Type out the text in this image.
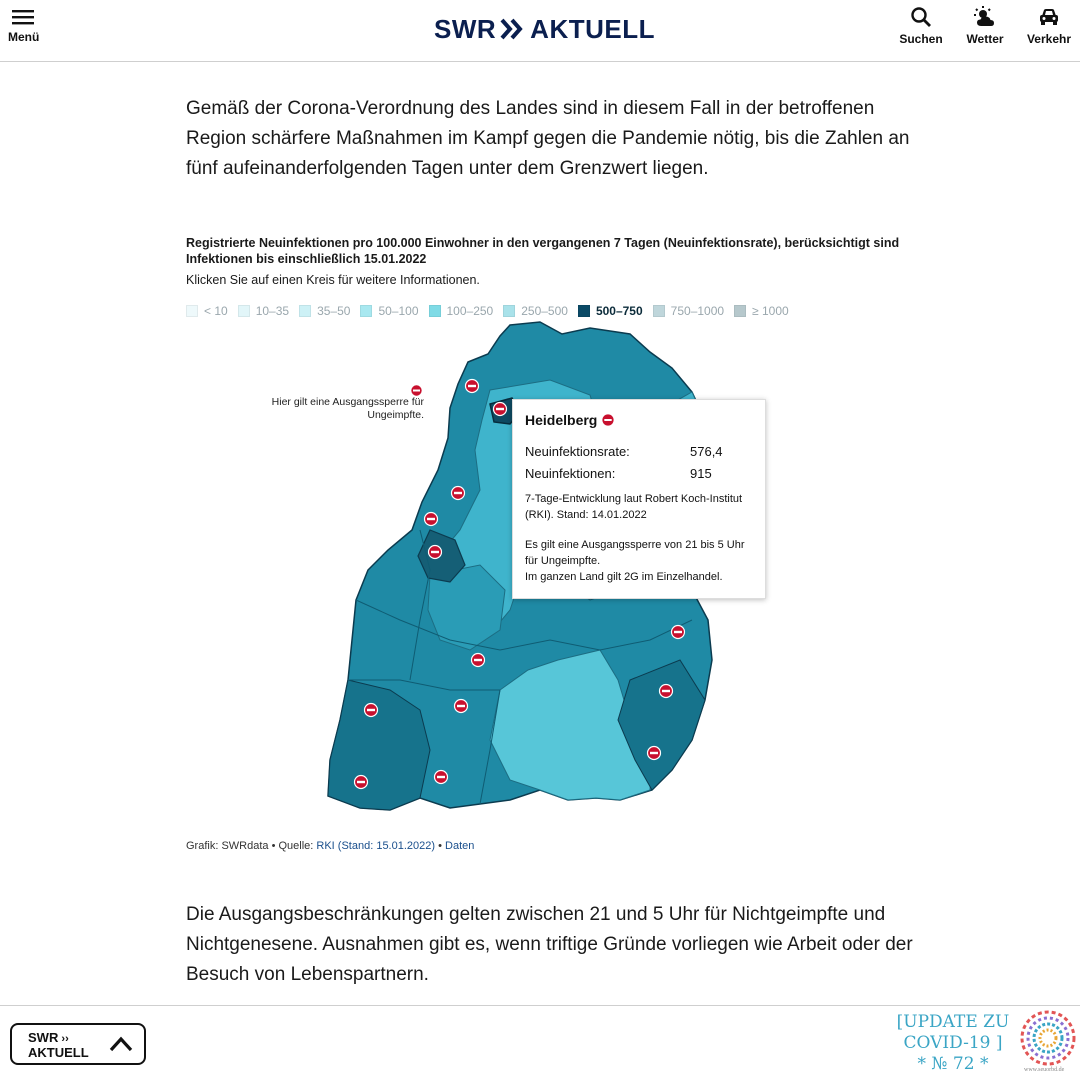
Menü	SWR AKTUELL	Suchen	Wetter	Verkehr

Gemäß der Corona-Verordnung des Landes sind in diesem Fall in der betroffenen Region schärfere Maßnahmen im Kampf gegen die Pandemie nötig, bis die Zahlen an fünf aufeinanderfolgenden Tagen unter dem Grenzwert liegen.

Registrierte Neuinfektionen pro 100.000 Einwohner in den vergangenen 7 Tagen (Neuinfektionsrate), berücksichtigt sind Infektionen bis einschließlich 15.01.2022

Klicken Sie auf einen Kreis für weitere Informationen.

< 10 10–35 35–50 50–100 100–250 250–500 500–750 750–1000 ≥ 1000
Hier gilt eine Ausgangssperre für Ungeimpfte.	Heidelberg
Neuinfektionsrate:	576,4
Neuinfektionen:	915
7-Tage-Entwicklung laut Robert Koch-Institut (RKI). Stand: 14.01.2022
Es gilt eine Ausgangssperre von 21 bis 5 Uhr für Ungeimpfte.
Im ganzen Land gilt 2G im Einzelhandel.
Grafik: SWRdata • Quelle: RKI (Stand: 15.01.2022) • Daten

Die Ausgangsbeschränkungen gelten zwischen 21 und 5 Uhr für Nichtgeimpfte und Nichtgenesene. Ausnahmen gibt es, wenn triftige Gründe vorliegen wie Arbeit oder der Besuch von Lebenspartnern.

SWR ››
AKTUELL
[UPDATE ZU
COVID-19 ]
* № 72 *	www.seuorbd.de
